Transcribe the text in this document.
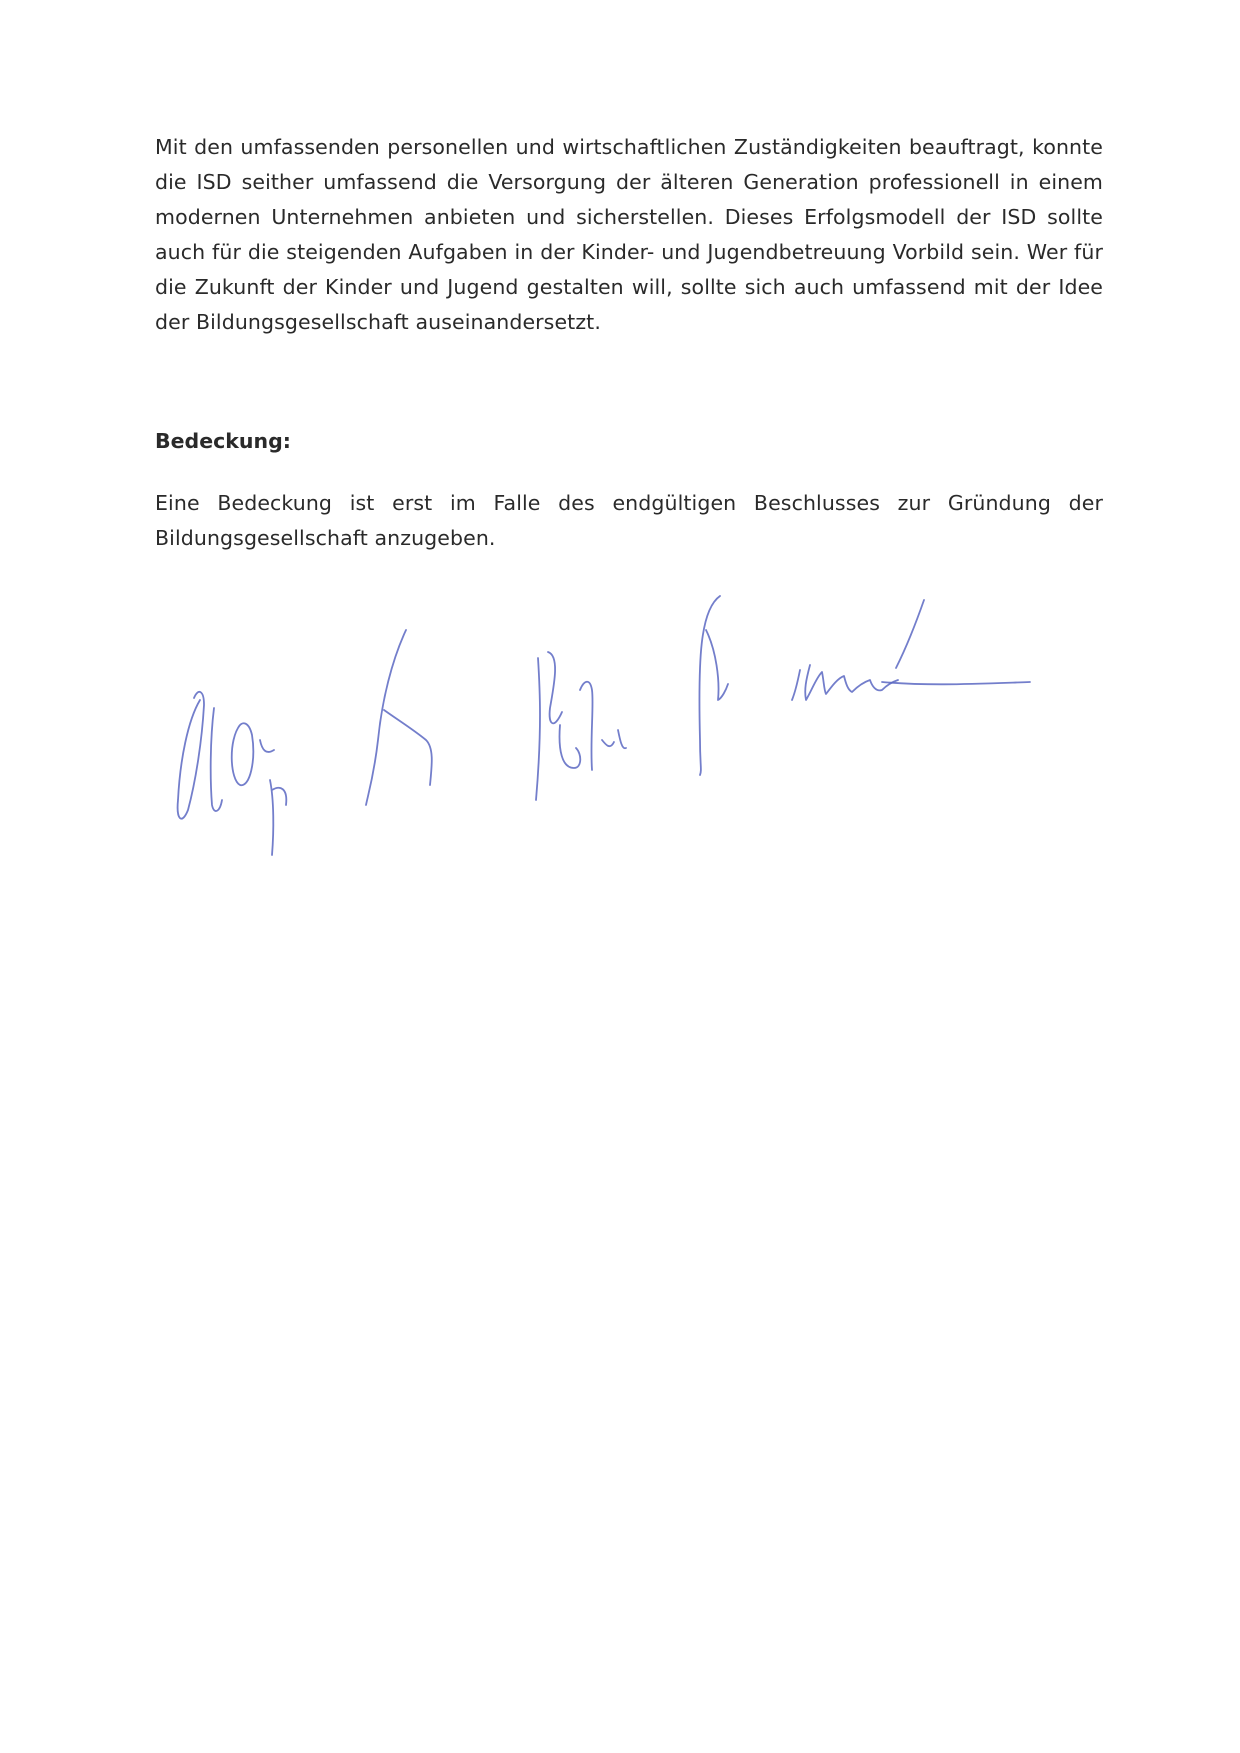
Mit den umfassenden personellen und wirtschaftlichen Zuständigkeiten beauftragt, konnte die ISD seither umfassend die Versorgung der älteren Generation professionell in einem modernen Unternehmen anbieten und sicherstellen. Dieses Erfolgsmodell der ISD sollte auch für die steigenden Aufgaben in der Kinder- und Jugendbetreuung Vorbild sein. Wer für die Zukunft der Kinder und Jugend gestalten will, sollte sich auch umfassend mit der Idee der Bildungsgesellschaft auseinandersetzt.

Bedeckung:

Eine Bedeckung ist erst im Falle des endgültigen Beschlusses zur Gründung der Bildungsgesellschaft anzugeben.
